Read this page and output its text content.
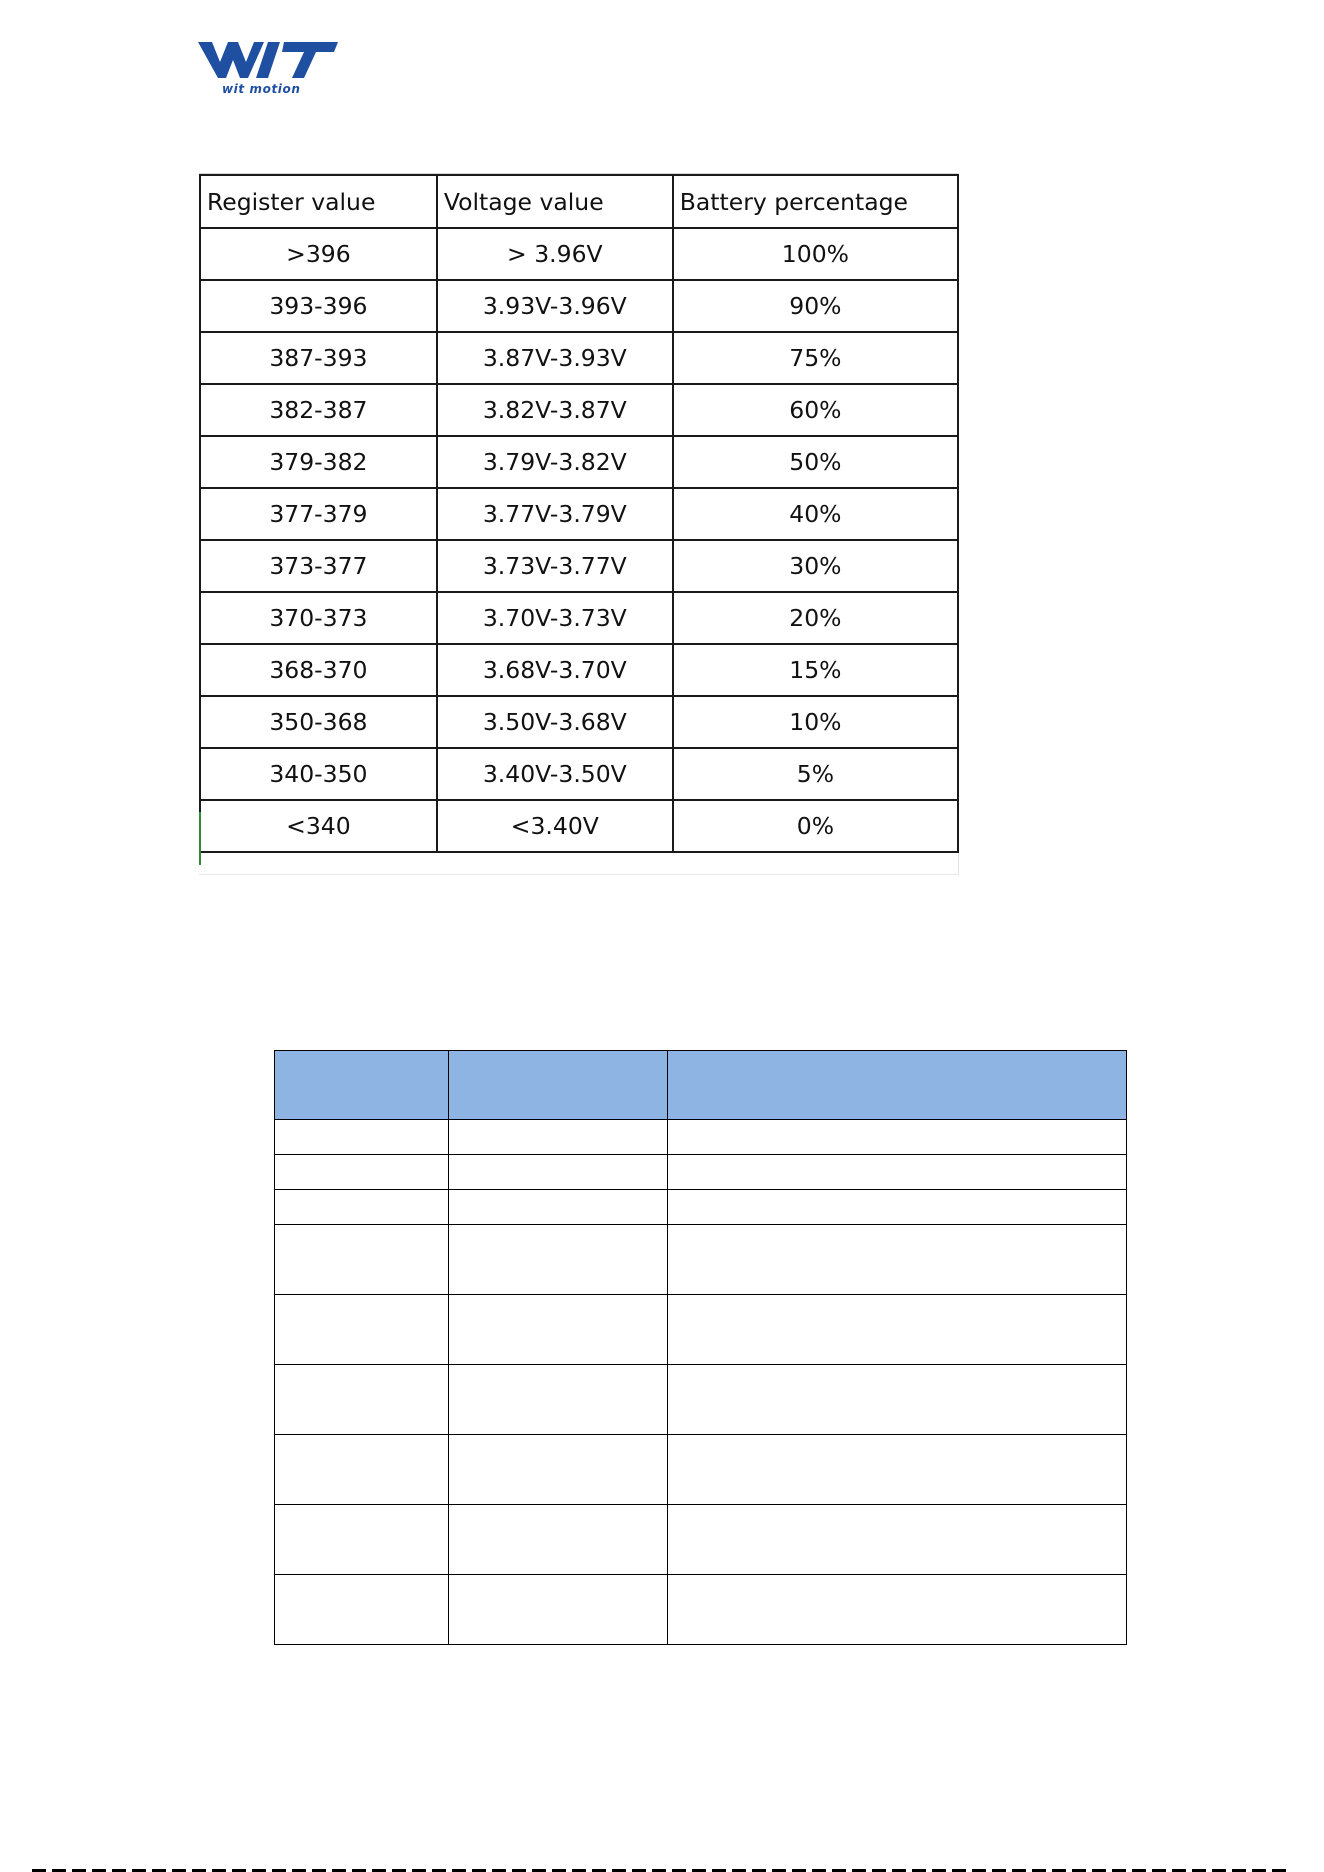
wit motion
Register value	Voltage value	Battery percentage
>396	> 3.96V	100%
393-396	3.93V-3.96V	90%
387-393	3.87V-3.93V	75%
382-387	3.82V-3.87V	60%
379-382	3.79V-3.82V	50%
377-379	3.77V-3.79V	40%
373-377	3.73V-3.77V	30%
370-373	3.70V-3.73V	20%
368-370	3.68V-3.70V	15%
350-368	3.50V-3.68V	10%
340-350	3.40V-3.50V	5%
<340	<3.40V	0%
